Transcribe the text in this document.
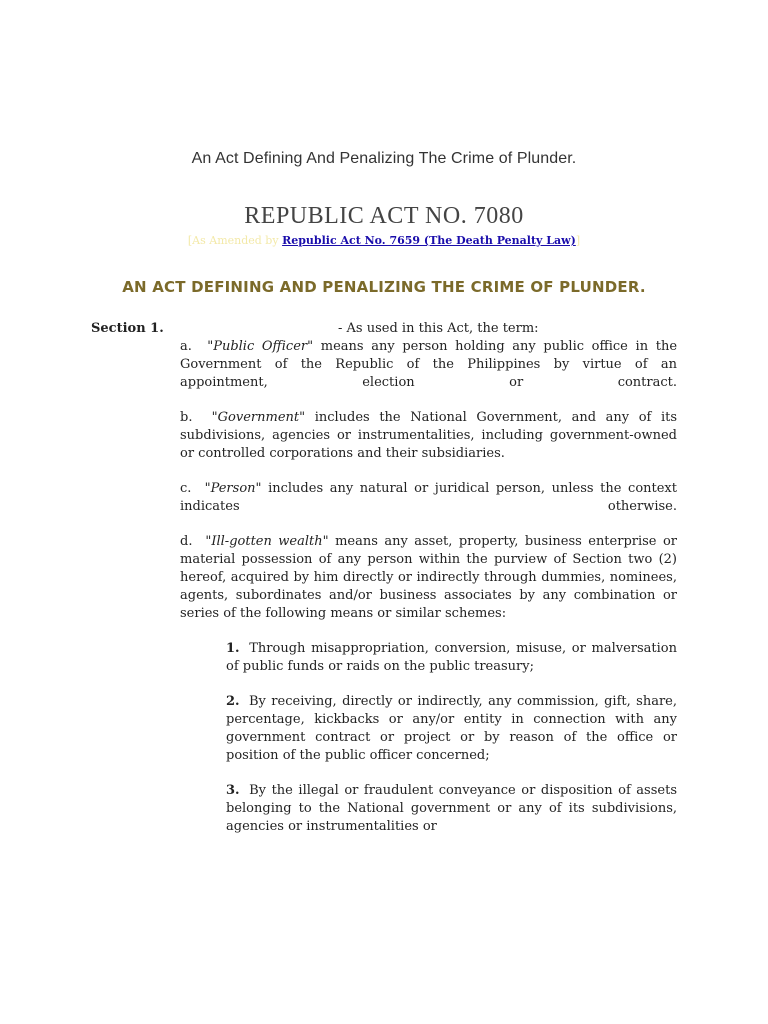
An Act Defining And Penalizing The Crime of Plunder.
REPUBLIC ACT NO. 7080
[As Amended by Republic Act No. 7659 (The Death Penalty Law)]
AN ACT DEFINING AND PENALIZING THE CRIME OF PLUNDER.
Section 1.	- As used in this Act, the term:

a. "Public Officer" means any person holding any public office in the Government of the Republic of the Philippines by virtue of an appointment, election or contract.

b. "Government" includes the National Government, and any of its subdivisions, agencies or instrumentalities, including government-owned or controlled corporations and their subsidiaries.

c. "Person" includes any natural or juridical person, unless the context indicates otherwise.

d. "Ill-gotten wealth" means any asset, property, business enterprise or material possession of any person within the purview of Section two (2) hereof, acquired by him directly or indirectly through dummies, nominees, agents, subordinates and/or business associates by any combination or series of the following means or similar schemes:

1. Through misappropriation, conversion, misuse, or malversation of public funds or raids on the public treasury;

2. By receiving, directly or indirectly, any commission, gift, share, percentage, kickbacks or any/or entity in connection with any government contract or project or by reason of the office or position of the public officer concerned;

3. By the illegal or fraudulent conveyance or disposition of assets belonging to the National government or any of its subdivisions, agencies or instrumentalities or
